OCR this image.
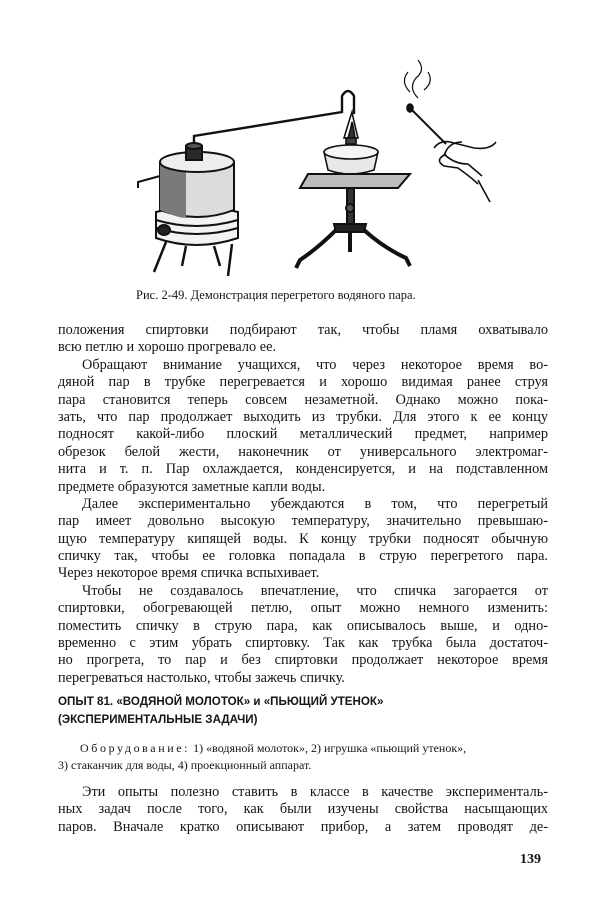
Рис. 2-49. Демонстрация перегретого водяного пара.
положения спиртовки подбирают так, чтобы пламя охватывало
всю петлю и хорошо прогревало ее.
Обращают внимание учащихся, что через некоторое время во-
дяной пар в трубке перегревается и хорошо видимая ранее струя
пара становится теперь совсем незаметной. Однако можно пока-
зать, что пар продолжает выходить из трубки. Для этого к ее концу
подносят какой-либо плоский металлический предмет, например
обрезок белой жести, наконечник от универсального электромаг-
нита и т. п. Пар охлаждается, конденсируется, и на подставленном
предмете образуются заметные капли воды.
Далее экспериментально убеждаются в том, что перегретый
пар имеет довольно высокую температуру, значительно превышаю-
щую температуру кипящей воды. К концу трубки подносят обычную
спичку так, чтобы ее головка попадала в струю перегретого пара.
Через некоторое время спичка вспыхивает.
Чтобы не создавалось впечатление, что спичка загорается от
спиртовки, обогревающей петлю, опыт можно немного изменить:
поместить спичку в струю пара, как описывалось выше, и одно-
временно с этим убрать спиртовку. Так как трубка была достаточ-
но прогрета, то пар и без спиртовки продолжает некоторое время
перегреваться настолько, чтобы зажечь спичку.
ОПЫТ 81. «ВОДЯНОЙ МОЛОТОК» и «ПЬЮЩИЙ УТЕНОК»
(ЭКСПЕРИМЕНТАЛЬНЫЕ ЗАДАЧИ)
Оборудование: 1) «водяной молоток», 2) игрушка «пьющий утенок»,
3) стаканчик для воды, 4) проекционный аппарат.
Эти опыты полезно ставить в классе в качестве эксперименталь-
ных задач после того, как были изучены свойства насыщающих
паров. Вначале кратко описывают прибор, а затем проводят де-
139
